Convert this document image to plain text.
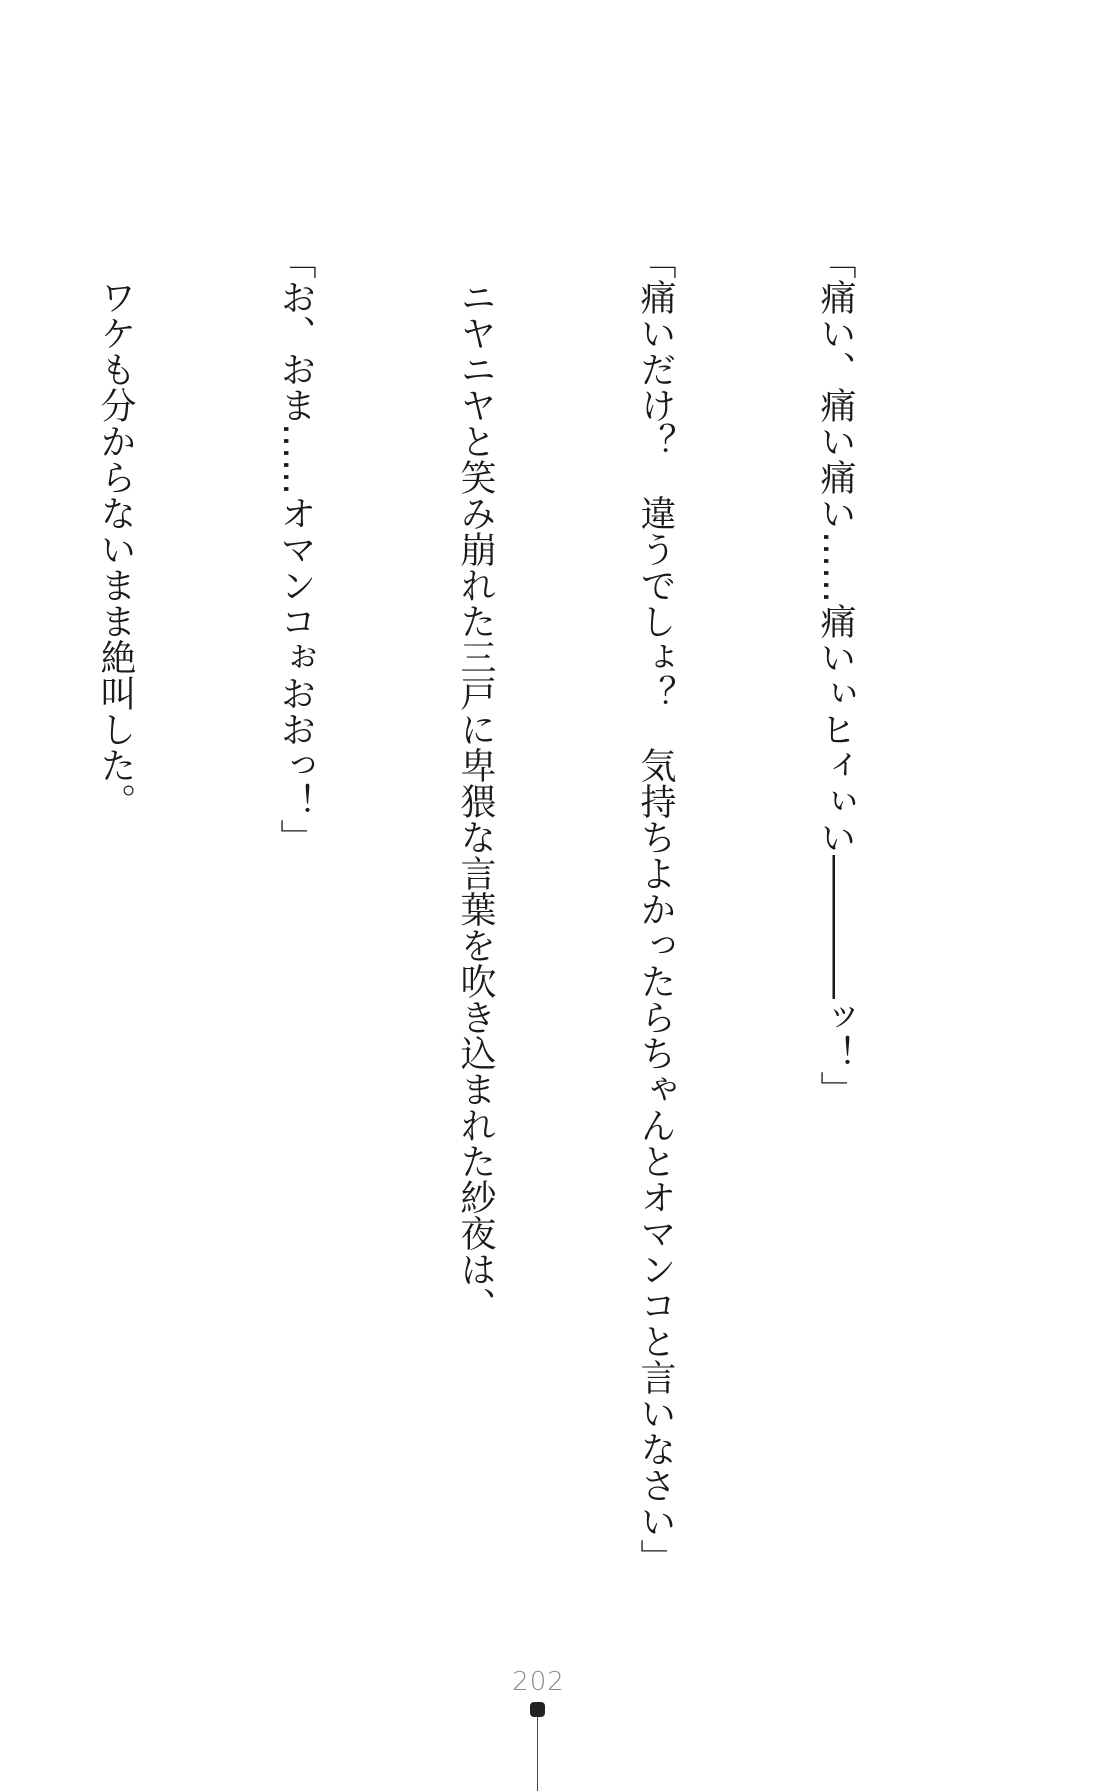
「痛い、痛い痛い……痛いぃヒィぃい――――ッ！」

「痛いだけ？　違うでしょ？　気持ちよかったらちゃんとオマンコと言いなさい」

　ニヤニヤと笑み崩れた三戸に卑猥な言葉を吹き込まれた紗夜は、

「お、おま……オマンコぉおおっ！」

　ワケも分からないまま絶叫した。

202
